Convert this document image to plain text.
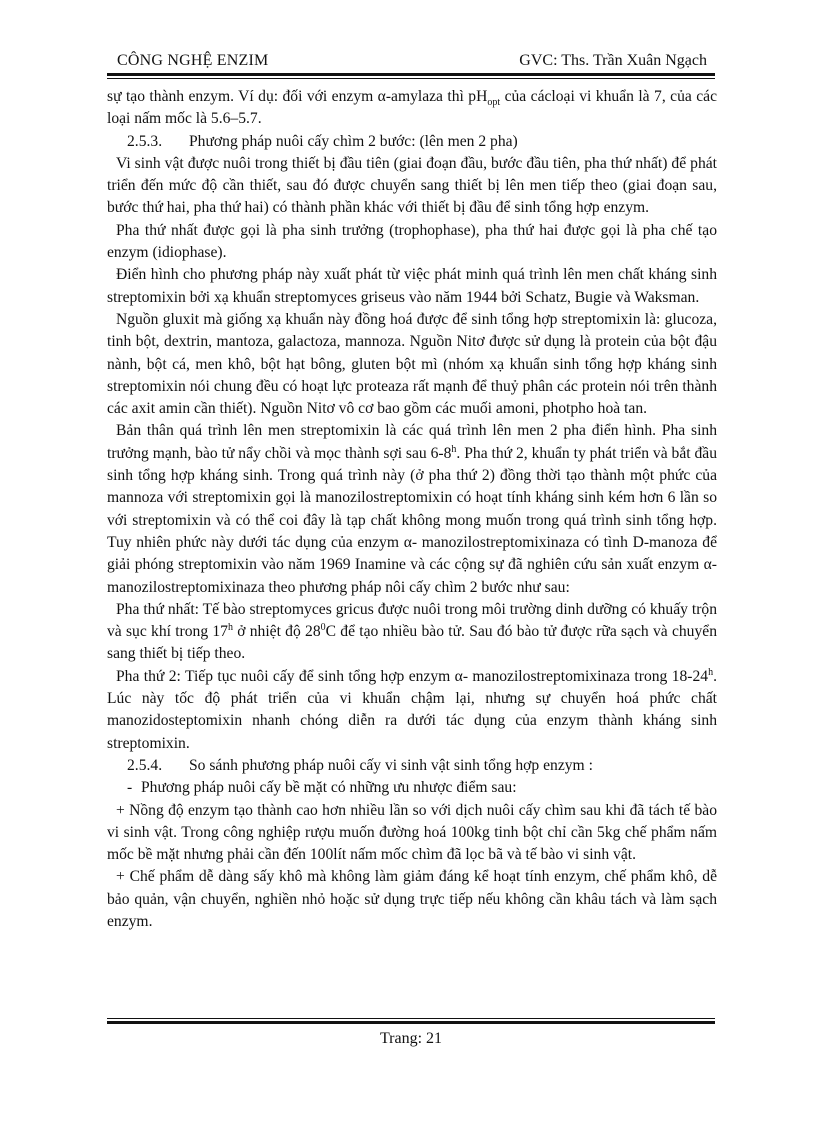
CÔNG NGHỆ ENZIM	GVC: Ths. Trần Xuân Ngạch

sự tạo thành enzym. Ví dụ: đối với enzym α-amylaza thì $pH_{opt}$ của cácloại vi khuẩn là 7, của các loại nấm mốc là 5.6–5.7.

2.5.3. Phương pháp nuôi cấy chìm 2 bước: (lên men 2 pha)

Vi sinh vật được nuôi trong thiết bị đầu tiên (giai đoạn đầu, bước đầu tiên, pha thứ nhất) để phát triển đến mức độ cần thiết, sau đó được chuyển sang thiết bị lên men tiếp theo (giai đoạn sau, bước thứ hai, pha thứ hai) có thành phần khác với thiết bị đầu để sinh tổng hợp enzym.

Pha thứ nhất được gọi là pha sinh trưởng (trophophase), pha thứ hai được gọi là pha chế tạo enzym (idiophase).

Điển hình cho phương pháp này xuất phát từ việc phát minh quá trình lên men chất kháng sinh streptomixin bởi xạ khuẩn streptomyces griseus vào năm 1944 bởi Schatz, Bugie và Waksman.

Nguồn gluxit mà giống xạ khuẩn này đồng hoá được để sinh tổng hợp streptomixin là: glucoza, tinh bột, dextrin, mantoza, galactoza, mannoza. Nguồn Nitơ được sử dụng là protein của bột đậu nành, bột cá, men khô, bột hạt bông, gluten bột mì (nhóm xạ khuẩn sinh tổng hợp kháng sinh streptomixin nói chung đều có hoạt lực proteaza rất mạnh để thuỷ phân các protein nói trên thành các axit amin cần thiết). Nguồn Nitơ vô cơ bao gồm các muối amoni, photpho hoà tan.

Bản thân quá trình lên men streptomixin là các quá trình lên men 2 pha điển hình. Pha sinh trưởng mạnh, bào tử nẩy chồi và mọc thành sợi sau 6-8$^h$. Pha thứ 2, khuẩn ty phát triển và bắt đầu sinh tổng hợp kháng sinh. Trong quá trình này (ở pha thứ 2) đồng thời tạo thành một phức của mannoza với streptomixin gọi là manozilostreptomixin có hoạt tính kháng sinh kém hơn 6 lần so với streptomixin và có thể coi đây là tạp chất không mong muốn trong quá trình sinh tổng hợp. Tuy nhiên phức này dưới tác dụng của enzym α- manozilostreptomixinaza có tình D-manoza để giải phóng streptomixin vào năm 1969 Inamine và các cộng sự đã nghiên cứu sản xuất enzym α- manozilostreptomixinaza theo phương pháp nôi cấy chìm 2 bước như sau:

Pha thứ nhất: Tế bào streptomyces gricus được nuôi trong môi trường dinh dưỡng có khuấy trộn và sục khí trong 17$^h$ ở nhiệt độ $28^0C$ để tạo nhiều bào tử. Sau đó bào tử được rữa sạch và chuyển sang thiết bị tiếp theo.

Pha thứ 2: Tiếp tục nuôi cấy để sinh tổng hợp enzym α- manozilostreptomixinaza trong 18-24$^h$. Lúc này tốc độ phát triển của vi khuẩn chậm lại, nhưng sự chuyển hoá phức chất manozidosteptomixin nhanh chóng diễn ra dưới tác dụng của enzym thành kháng sinh streptomixin.

2.5.4. So sánh phương pháp nuôi cấy vi sinh vật sinh tổng hợp enzym :

- Phương pháp nuôi cấy bề mặt có những ưu nhược điểm sau:

+ Nồng độ enzym tạo thành cao hơn nhiều lần so với dịch nuôi cấy chìm sau khi đã tách tế bào vi sinh vật. Trong công nghiệp rượu muốn đường hoá 100kg tinh bột chỉ cần 5kg chế phẩm nấm mốc bề mặt nhưng phải cần đến 100lít nấm mốc chìm đã lọc bã và tế bào vi sinh vật.

+ Chế phẩm dễ dàng sấy khô mà không làm giảm đáng kể hoạt tính enzym, chế phẩm khô, dễ bảo quản, vận chuyển, nghiền nhỏ hoặc sử dụng trực tiếp nếu không cần khâu tách và làm sạch enzym.

Trang: 21
